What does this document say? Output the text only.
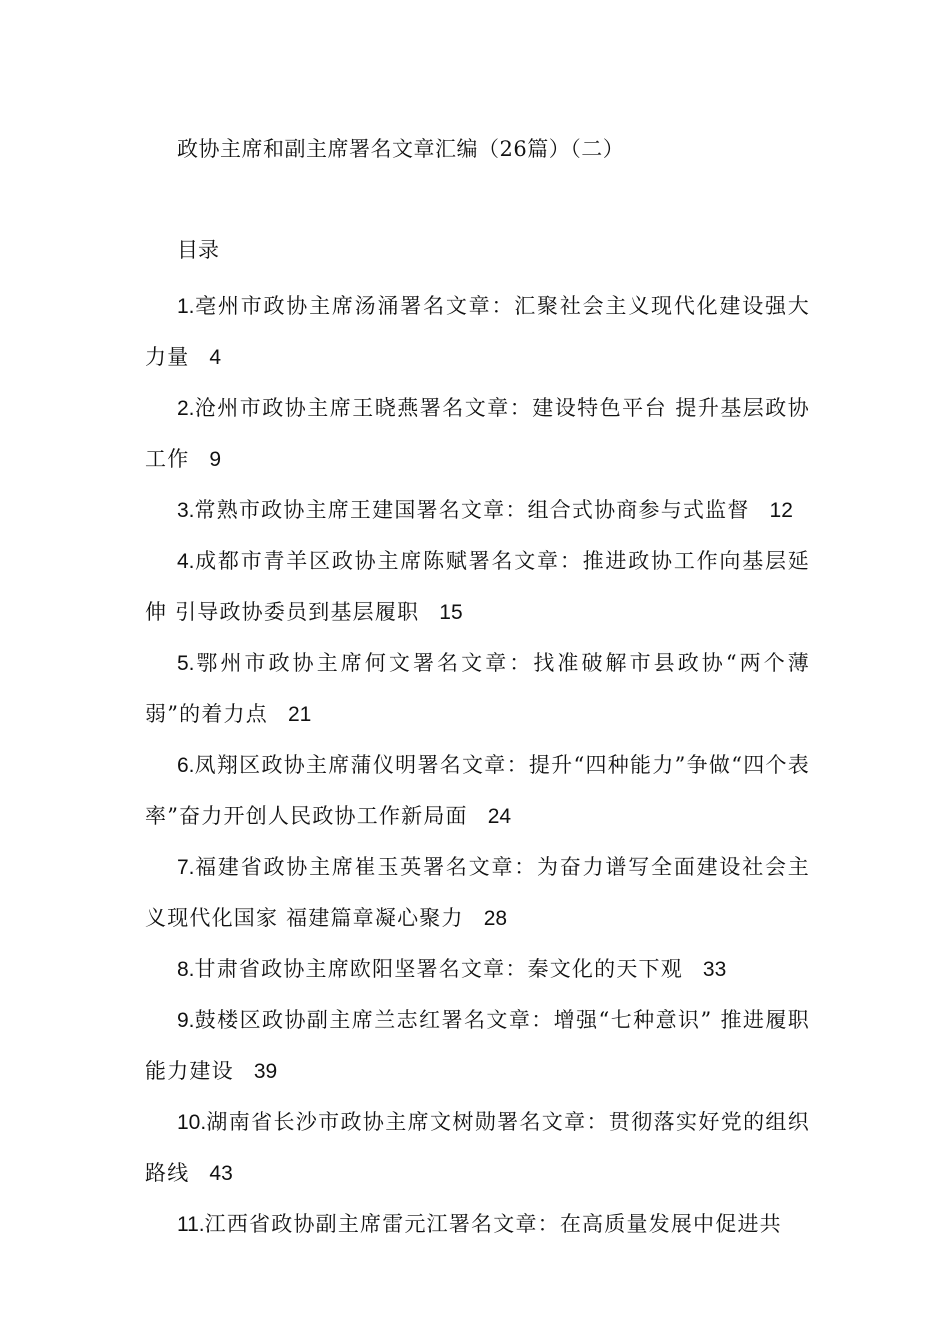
政协主席和副主席署名文章汇编（26篇）（二）
目录

1.亳州市政协主席汤涌署名文章：汇聚社会主义现代化建设强大力量 4

2.沧州市政协主席王晓燕署名文章：建设特色平台 提升基层政协工作 9

3.常熟市政协主席王建国署名文章：组合式协商参与式监督 12

4.成都市青羊区政协主席陈赋署名文章：推进政协工作向基层延伸 引导政协委员到基层履职 15

5.鄂州市政协主席何文署名文章：找准破解市县政协“两个薄弱”的着力点 21

6.凤翔区政协主席蒲仪明署名文章：提升“四种能力”争做“四个表率”奋力开创人民政协工作新局面 24

7.福建省政协主席崔玉英署名文章：为奋力谱写全面建设社会主义现代化国家 福建篇章凝心聚力 28

8.甘肃省政协主席欧阳坚署名文章：秦文化的天下观 33

9.鼓楼区政协副主席兰志红署名文章：增强“七种意识” 推进履职能力建设 39

10.湖南省长沙市政协主席文树勋署名文章：贯彻落实好党的组织路线 43

11.江西省政协副主席雷元江署名文章：在高质量发展中促进共
